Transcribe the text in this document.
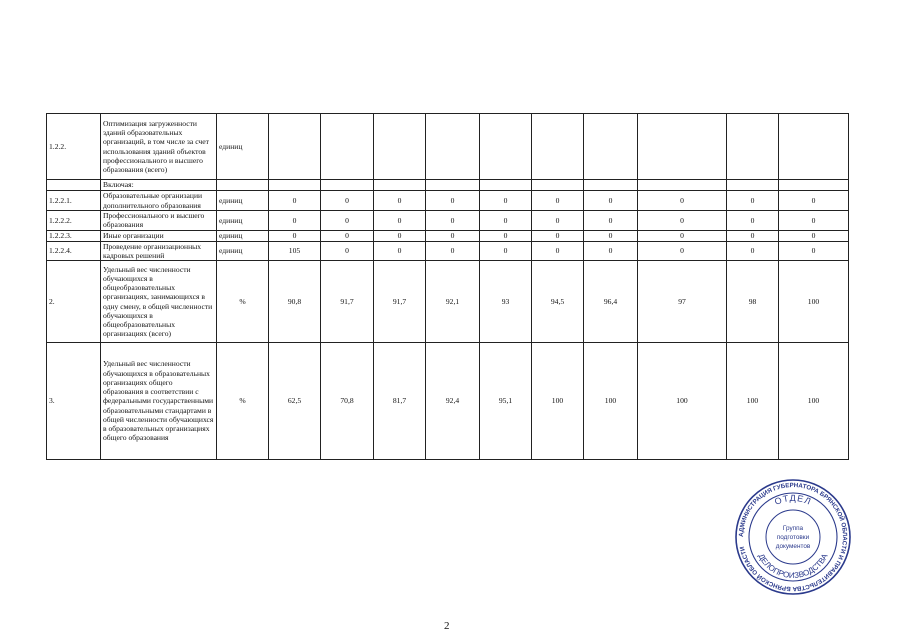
1.2.2.	Оптимизация загруженности зданий образовательных организаций, в том числе за счет использования зданий объектов профессионального и высшего образования (всего)	единиц										
	Включая:											
1.2.2.1.	Образовательные организации дополнительного образования	единиц	0	0	0	0	0	0	0	0	0	0
1.2.2.2.	Профессионального и высшего образования	единиц	0	0	0	0	0	0	0	0	0	0
1.2.2.3.	Иные организации	единиц	0	0	0	0	0	0	0	0	0	0
1.2.2.4.	Проведение организационных кадровых решений	единиц	105	0	0	0	0	0	0	0	0	0
2.	Удельный вес численности обучающихся в общеобразовательных организациях, занимающихся в одну смену, в общей численности обучающихся в общеобразовательных организациях (всего)	%	90,8	91,7	91,7	92,1	93	94,5	96,4	97	98	100
3.	Удельный вес численности обучающихся в образовательных организациях общего образования в соответствии с федеральными государственными образовательными стандартами в общей численности обучающихся в образовательных организациях общего образования	%	62,5	70,8	81,7	92,4	95,1	100	100	100	100	100
2
АДМИНИСТРАЦИЯ ГУБЕРНАТОРА БРЯНСКОЙ ОБЛАСТИ И ПРАВИТЕЛЬСТВА БРЯНСКОЙ ОБЛАСТИ
ОТДЕЛ
ДЕЛОПРОИЗВОДСТВА
Группа
подготовки
документов
